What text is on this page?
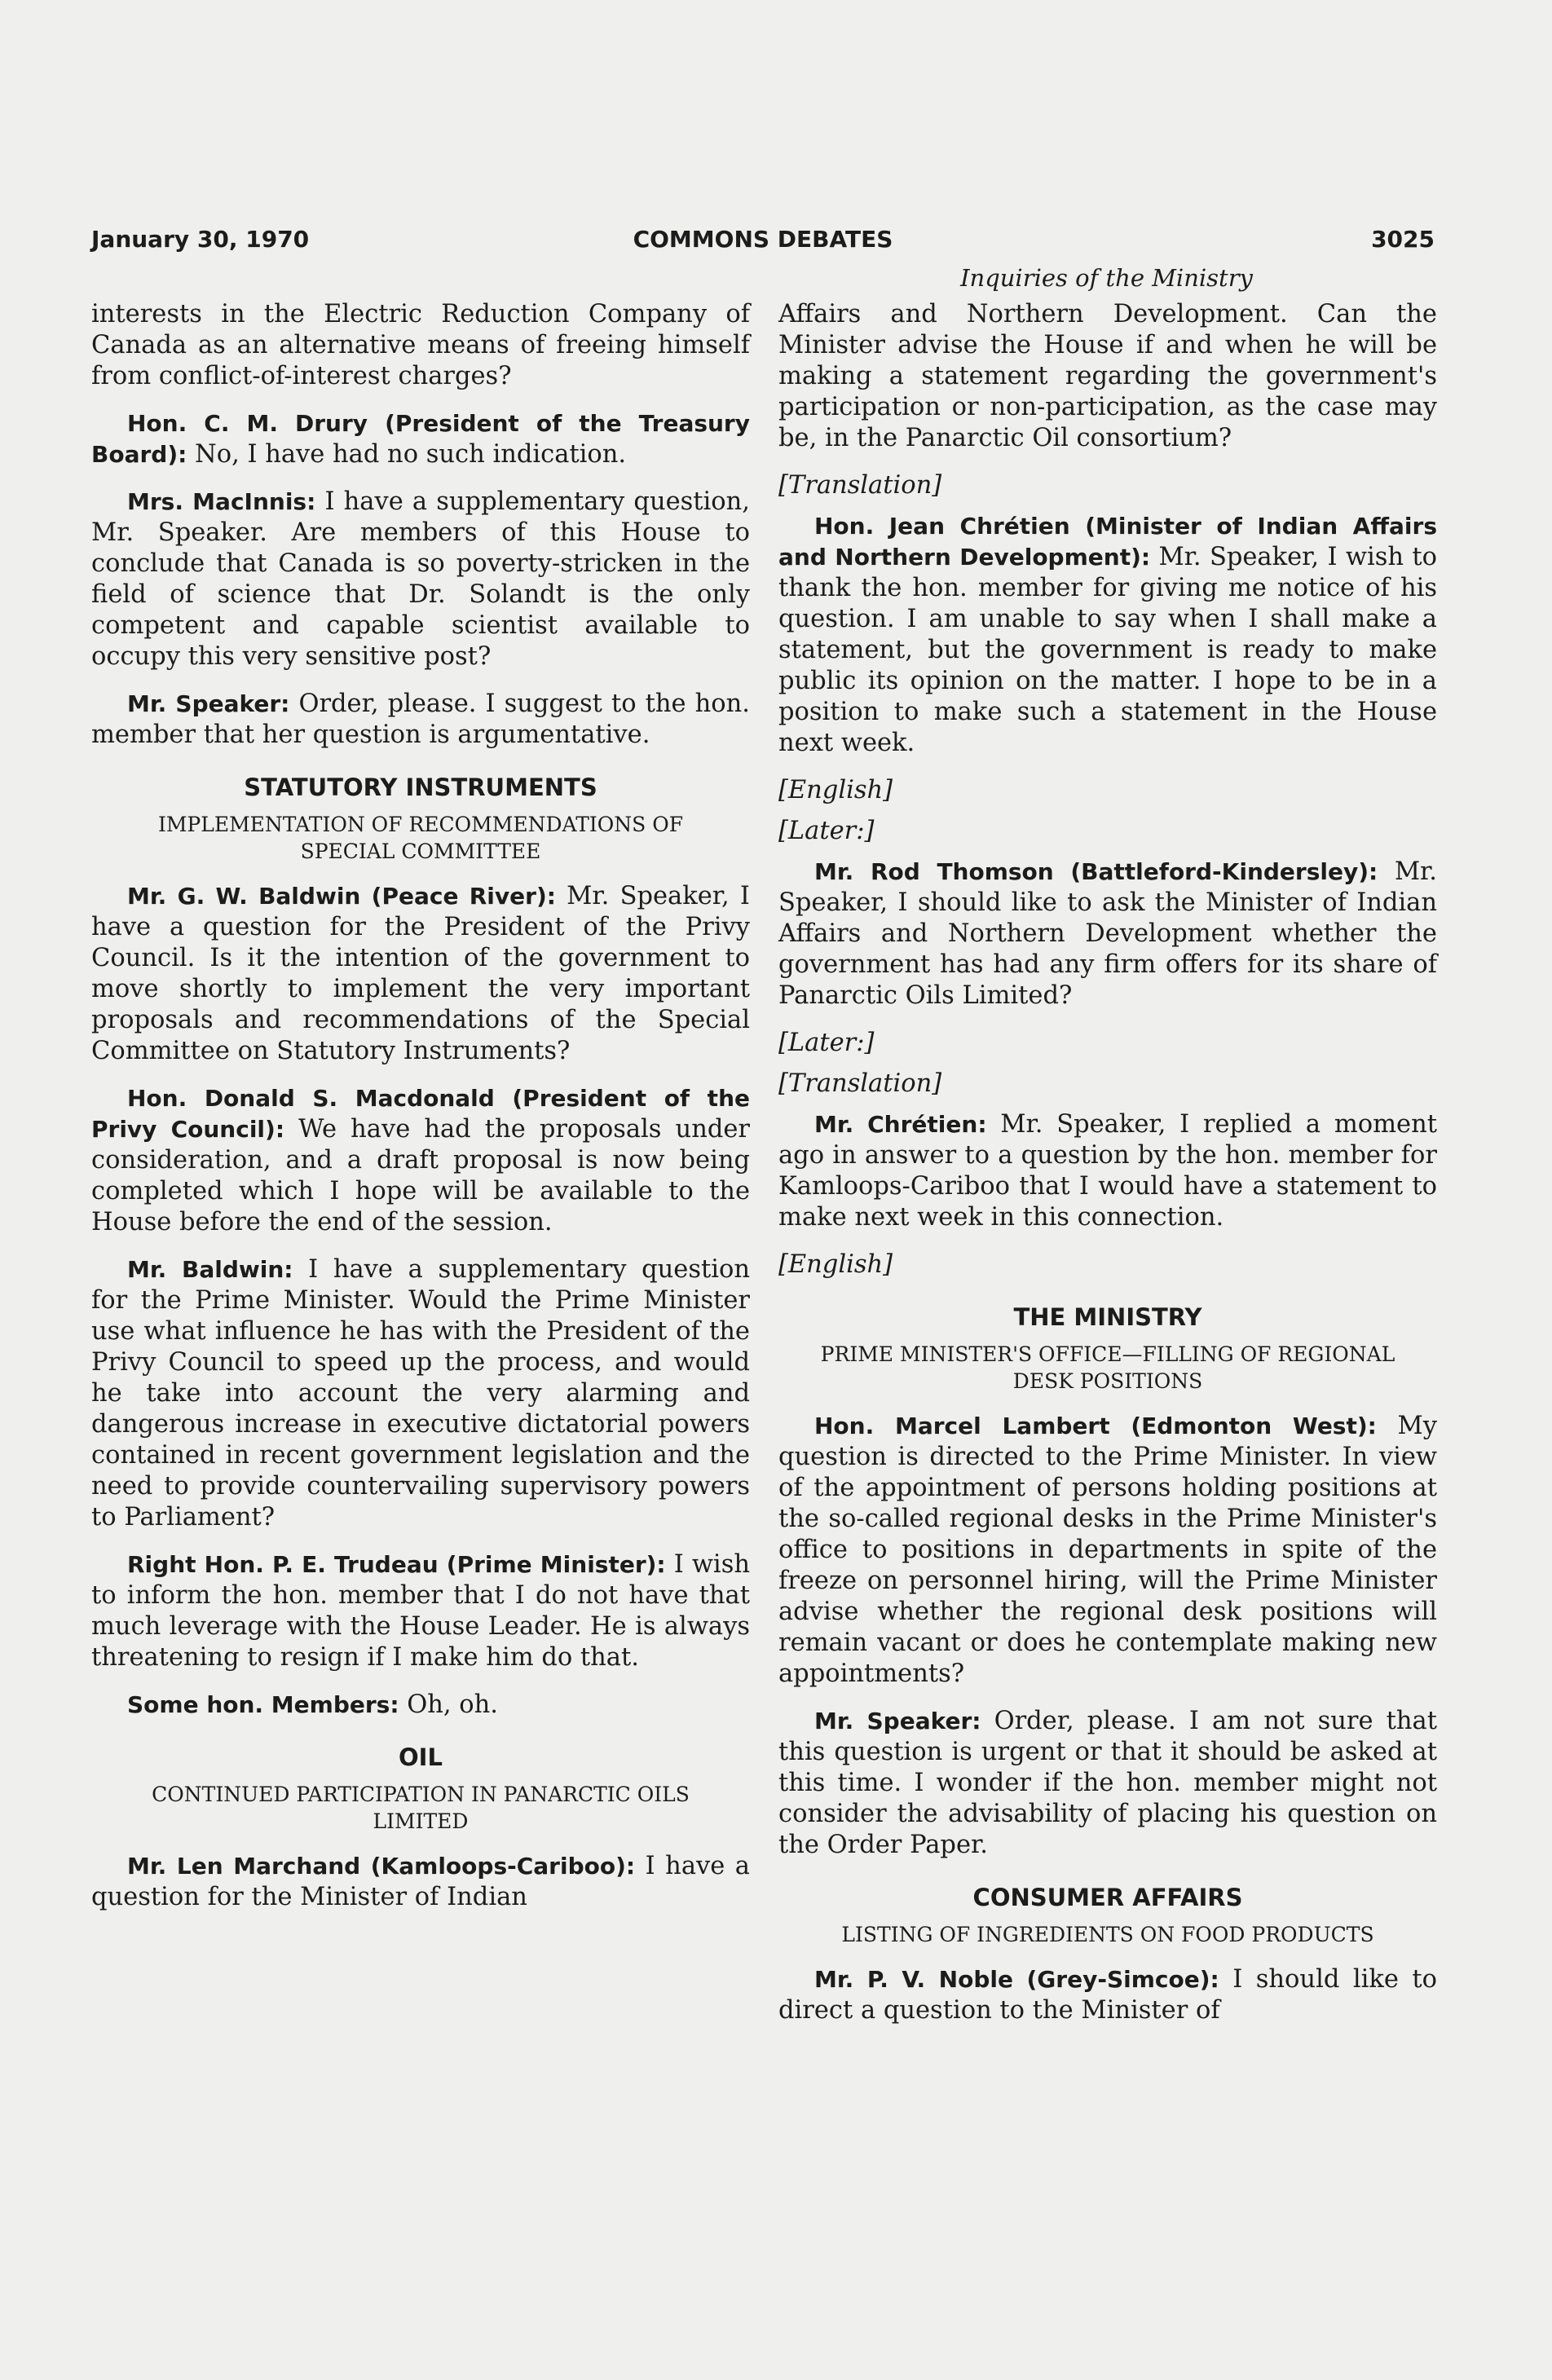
January 30, 1970	COMMONS DEBATES	3025
Inquiries of the Ministry

interests in the Electric Reduction Company of Canada as an alternative means of freeing himself from conflict-of-interest charges?

Hon. C. M. Drury (President of the Treasury Board): No, I have had no such indication.

Mrs. MacInnis: I have a supplementary question, Mr. Speaker. Are members of this House to conclude that Canada is so poverty-stricken in the field of science that Dr. Solandt is the only competent and capable scientist available to occupy this very sensitive post?

Mr. Speaker: Order, please. I suggest to the hon. member that her question is argumentative.

STATUTORY INSTRUMENTS
IMPLEMENTATION OF RECOMMENDATIONS OF SPECIAL COMMITTEE

Mr. G. W. Baldwin (Peace River): Mr. Speaker, I have a question for the President of the Privy Council. Is it the intention of the government to move shortly to implement the very important proposals and recommendations of the Special Committee on Statutory Instruments?

Hon. Donald S. Macdonald (President of the Privy Council): We have had the proposals under consideration, and a draft proposal is now being completed which I hope will be available to the House before the end of the session.

Mr. Baldwin: I have a supplementary question for the Prime Minister. Would the Prime Minister use what influence he has with the President of the Privy Council to speed up the process, and would he take into account the very alarming and dangerous increase in executive dictatorial powers contained in recent government legislation and the need to provide countervailing supervisory powers to Parliament?

Right Hon. P. E. Trudeau (Prime Minister): I wish to inform the hon. member that I do not have that much leverage with the House Leader. He is always threatening to resign if I make him do that.

Some hon. Members: Oh, oh.

OIL
CONTINUED PARTICIPATION IN PANARCTIC OILS LIMITED

Mr. Len Marchand (Kamloops-Cariboo): I have a question for the Minister of Indian

Affairs and Northern Development. Can the Minister advise the House if and when he will be making a statement regarding the government's participation or non-participation, as the case may be, in the Panarctic Oil consortium?

[Translation]

Hon. Jean Chrétien (Minister of Indian Affairs and Northern Development): Mr. Speaker, I wish to thank the hon. member for giving me notice of his question. I am unable to say when I shall make a statement, but the government is ready to make public its opinion on the matter. I hope to be in a position to make such a statement in the House next week.

[English]

[Later:]

Mr. Rod Thomson (Battleford-Kindersley): Mr. Speaker, I should like to ask the Minister of Indian Affairs and Northern Development whether the government has had any firm offers for its share of Panarctic Oils Limited?

[Later:]

[Translation]

Mr. Chrétien: Mr. Speaker, I replied a moment ago in answer to a question by the hon. member for Kamloops-Cariboo that I would have a statement to make next week in this connection.

[English]

THE MINISTRY
PRIME MINISTER'S OFFICE—FILLING OF REGIONAL DESK POSITIONS

Hon. Marcel Lambert (Edmonton West): My question is directed to the Prime Minister. In view of the appointment of persons holding positions at the so-called regional desks in the Prime Minister's office to positions in departments in spite of the freeze on personnel hiring, will the Prime Minister advise whether the regional desk positions will remain vacant or does he contemplate making new appointments?

Mr. Speaker: Order, please. I am not sure that this question is urgent or that it should be asked at this time. I wonder if the hon. member might not consider the advisability of placing his question on the Order Paper.

CONSUMER AFFAIRS
LISTING OF INGREDIENTS ON FOOD PRODUCTS

Mr. P. V. Noble (Grey-Simcoe): I should like to direct a question to the Minister of
